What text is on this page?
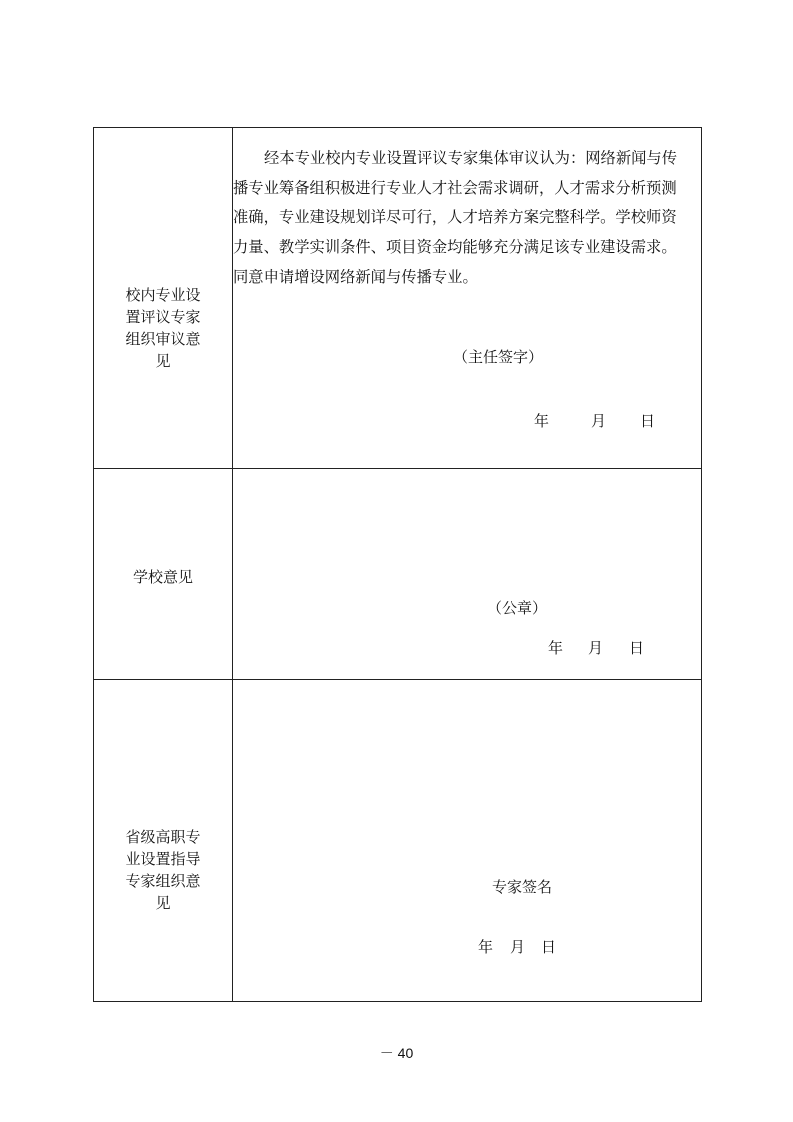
校内专业设
置评议专家
组织审议意
见
经本专业校内专业设置评议专家集体审议认为：网络新闻与传
播专业筹备组积极进行专业人才社会需求调研，人才需求分析预测
准确，专业建设规划详尽可行，人才培养方案完整科学。学校师资
力量、教学实训条件、项目资金均能够充分满足该专业建设需求。
同意申请增设网络新闻与传播专业。
（主任签字）
年	月 日
学校意见
（公章）
年 月 日
省级高职专
业设置指导
专家组织意
见
专家签名
年 月 日
－ 40
